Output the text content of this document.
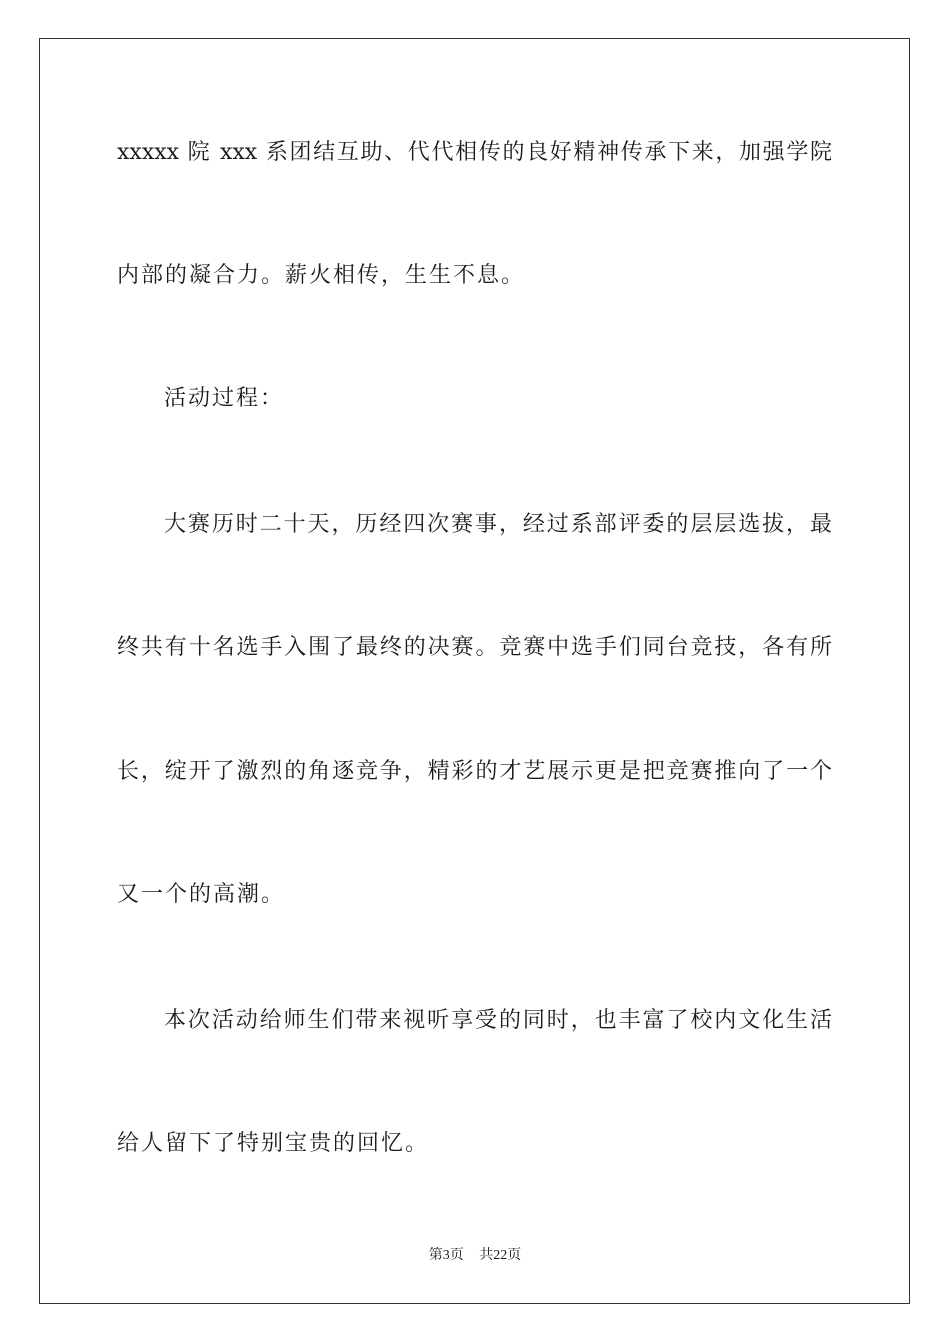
xxxxx 院 xxx 系团结互助、代代相传的良好精神传承下来，加强学院
内部的凝合力。薪火相传，生生不息。
活动过程：
大赛历时二十天，历经四次赛事，经过系部评委的层层选拔，最
终共有十名选手入围了最终的决赛。竞赛中选手们同台竞技，各有所
长，绽开了激烈的角逐竞争，精彩的才艺展示更是把竞赛推向了一个
又一个的高潮。
本次活动给师生们带来视听享受的同时，也丰富了校内文化生活
给人留下了特别宝贵的回忆。
第3页 共22页
